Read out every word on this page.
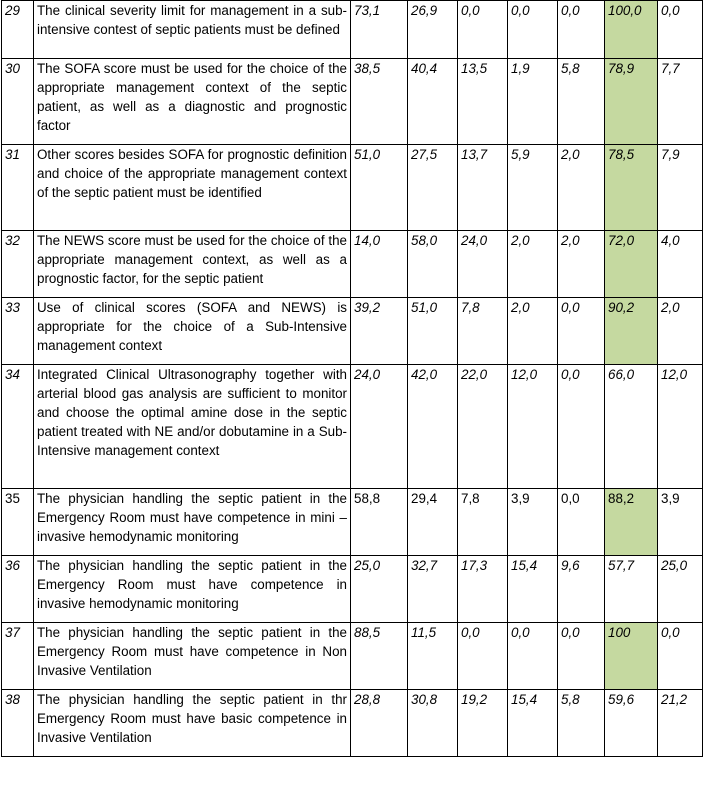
29	The clinical severity limit for management in a sub-intensive contest of septic patients must be defined	73,1	26,9	0,0	0,0	0,0	100,0	0,0
30	The SOFA score must be used for the choice of the appropriate management context of the septic patient, as well as a diagnostic and prognostic factor	38,5	40,4	13,5	1,9	5,8	78,9	7,7
31	Other scores besides SOFA for prognostic definition and choice of the appropriate management context of the septic patient must be identified	51,0	27,5	13,7	5,9	2,0	78,5	7,9
32	The NEWS score must be used for the choice of the appropriate management context, as well as a prognostic factor, for the septic patient	14,0	58,0	24,0	2,0	2,0	72,0	4,0
33	Use of clinical scores (SOFA and NEWS) is appropriate for the choice of a Sub-Intensive management context	39,2	51,0	7,8	2,0	0,0	90,2	2,0
34	Integrated Clinical Ultrasonography together with arterial blood gas analysis are sufficient to monitor and choose the optimal amine dose in the septic patient treated with NE and/or dobutamine in a Sub-Intensive management context	24,0	42,0	22,0	12,0	0,0	66,0	12,0
35	The physician handling the septic patient in the Emergency Room must have competence in mini – invasive hemodynamic monitoring	58,8	29,4	7,8	3,9	0,0	88,2	3,9
36	The physician handling the septic patient in the Emergency Room must have competence in invasive hemodynamic monitoring	25,0	32,7	17,3	15,4	9,6	57,7	25,0
37	The physician handling the septic patient in the Emergency Room must have competence in Non Invasive Ventilation	88,5	11,5	0,0	0,0	0,0	100	0,0
38	The physician handling the septic patient in thr Emergency Room must have basic competence in Invasive Ventilation	28,8	30,8	19,2	15,4	5,8	59,6	21,2
